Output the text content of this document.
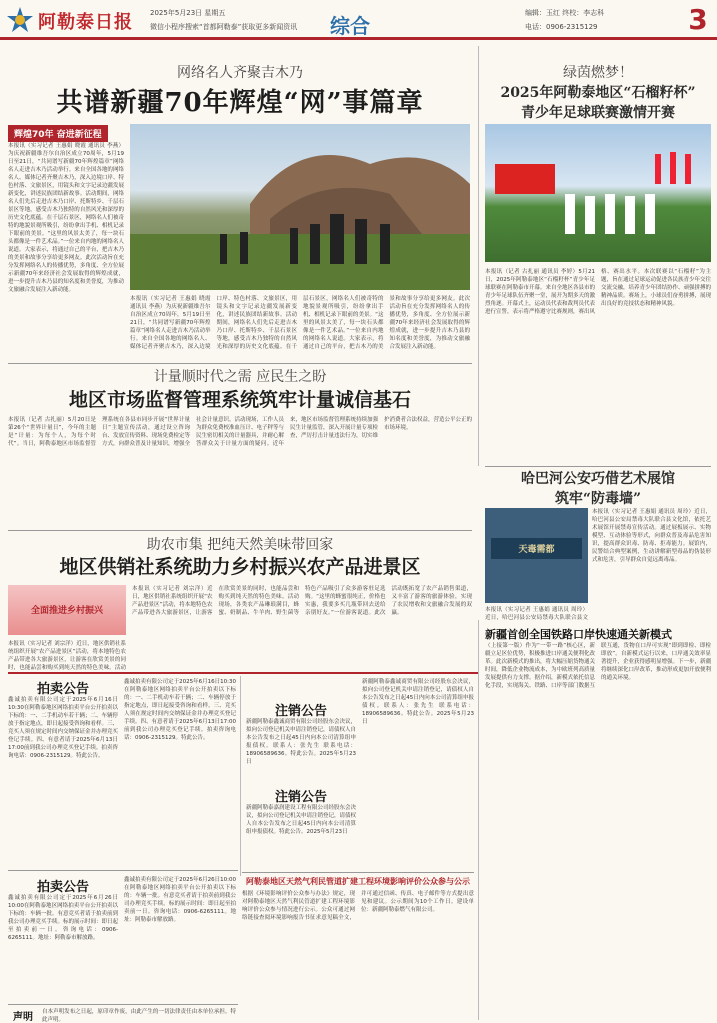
阿勒泰日报 2025年5月23日 星期五
微信小程序搜索“首都阿勒泰”获取更多新闻资讯 综合
编辑：玉红 终校：李志科
电话：0906-2315129	3
网络名人齐聚吉木乃
共谱新疆70年辉煌“网”事篇章
辉煌70年 奋进新征程
本报讯（实习记者 王惠娟 晓霞 通讯员 李燕）为庆祝新疆维吾尔自治区成立70周年，5月19日至21日，“共同谱写新疆70年辉煌篇章”网络名人走进吉木乃活动举行。来自全国各地的网络名人、媒体记者齐聚吉木乃，深入边境口岸、特色村落、文旅景区，用镜头和文字记录边疆发展新变化，讲述民族团结新故事。活动期间，网络名人们先后走进吉木乃口岸、托斯特乡、千层石景区等地，感受吉木乃独特的自然风光和深厚的历史文化底蕴。在千层石景区，网络名人们被奇特的地貌景观所吸引，纷纷拿出手机、相机记录下眼前的美景。“这里的风景太美了，每一块石头都像是一件艺术品。”一位来自内地的网络名人说道。大家表示，将通过自己的平台，把吉木乃的美景和故事分享给更多网友。此次活动旨在充分发挥网络名人的传播优势，多角度、全方位展示新疆70年来经济社会发展取得的辉煌成就，进一步提升吉木乃县的知名度和美誉度，为推动文旅融合发展注入新动能。
本报讯（实习记者 王惠娟 晓霞 通讯员 李燕）为庆祝新疆维吾尔自治区成立70周年，5月19日至21日，“共同谱写新疆70年辉煌篇章”网络名人走进吉木乃活动举行。来自全国各地的网络名人、媒体记者齐聚吉木乃，深入边境口岸、特色村落、文旅景区，用镜头和文字记录边疆发展新变化，讲述民族团结新故事。活动期间，网络名人们先后走进吉木乃口岸、托斯特乡、千层石景区等地，感受吉木乃独特的自然风光和深厚的历史文化底蕴。在千层石景区，网络名人们被奇特的地貌景观所吸引，纷纷拿出手机、相机记录下眼前的美景。“这里的风景太美了，每一块石头都像是一件艺术品。”一位来自内地的网络名人说道。大家表示，将通过自己的平台，把吉木乃的美景和故事分享给更多网友。此次活动旨在充分发挥网络名人的传播优势，多角度、全方位展示新疆70年来经济社会发展取得的辉煌成就，进一步提升吉木乃县的知名度和美誉度，为推动文旅融合发展注入新动能。
绿茵燃梦！
2025年阿勒泰地区“石榴籽杯”
青少年足球联赛激情开赛
本报讯（记者 古扎丽 通讯员 李婷）5月21日，2025年阿勒泰地区“石榴籽杯”青少年足球联赛在阿勒泰市开幕。来自全地区各县市的青少年足球队伍齐聚一堂，展开为期多天的激烈角逐。开幕式上，运动员代表和裁判员代表进行宣誓，表示将严格遵守比赛规则，赛出风格、赛出水平。本次联赛以“石榴籽”为主题，旨在通过足球运动促进各民族青少年交往交流交融，培养青少年团结协作、顽强拼搏的精神品质。赛场上，小球员们奋勇拼搏，展现出良好的竞技状态和精神风貌。
计量顺时代之需 应民生之盼
地区市场监督管理系统筑牢计量诚信基石
本报讯（记者 古扎丽）5月20日是第26个“世界计量日”，今年的主题是“计量：为每个人，为每个时代”。当日，阿勒泰地区市场监督管理系统在各县市同步开展“世界计量日”主题宣传活动，通过设立咨询台、发放宣传资料、现场免费检定等方式，向群众普及计量知识，增强全社会计量意识。活动现场，工作人员为群众免费校准血压计、电子秤等与民生密切相关的计量器具，并耐心解答群众关于计量方面的疑问。近年来，地区市场监督管理系统持续加强民生计量监管，深入开展计量专项检查，严厉打击计量违法行为，切实维护消费者合法权益，营造公平公正的市场环境。
助农市集 把纯天然美味带回家
地区供销社系统助力乡村振兴农产品进景区
全面推进乡村振兴
本报讯（实习记者 刘宗洋）近日，地区供销社系统组织开展“农产品进景区”活动，将本地特色农产品带进各大旅游景区，让游客在欣赏美景的同时，也能品尝和购买到纯天然的特色美味。活动
本报讯（实习记者 刘宗洋）近日，地区供销社系统组织开展“农产品进景区”活动，将本地特色农产品带进各大旅游景区，让游客在欣赏美景的同时，也能品尝和购买到纯天然的特色美味。活动现场，各类农产品琳琅满目，蜂蜜、奶制品、牛羊肉、野生菌等特色产品吸引了众多游客驻足选购。“这里的蜂蜜很纯正，价格也实惠，我要多买几瓶带回去送给亲朋好友。”一位游客说道。此次活动既拓宽了农产品销售渠道，又丰富了游客的旅游体验，实现了农民增收和文旅融合发展的双赢。
哈巴河公安巧借艺术展馆
筑牢“防毒墙”
天毒需都
本报讯（实习记者 王惠娟 通讯员 周玲）近日，哈巴河县公安局禁毒大队联合县文化馆，依托艺术展馆开展禁毒宣传活动。通过展板展示、实物模型、互动体验等形式，向群众普及毒品危害知识，提高群众识毒、防毒、拒毒能力。展馆内，民警结合典型案例，生动讲解新型毒品的伪装形式和危害，引导群众自觉远离毒品。
本报讯（实习记者 王惠娟 通讯员 周玲）近日，哈巴河县公安局禁毒大队联合县文
新疆首创全国铁路口岸快速通关新模式
（上接第一版）作为“一带一路”核心区，新疆立足区位优势，积极推进口岸通关便利化改革。此次新模式的推出，将大幅压缩货物通关时间，降低企业物流成本，为中欧班列高质量发展提供有力支撑。据介绍，新模式依托信息化手段，实现海关、铁路、口岸等部门数据互联互通，货物在口岸可实现“即到即检、即检即放”。自新模式运行以来，口岸通关效率显著提升，企业获得感明显增强。下一步，新疆将继续深化口岸改革，推动形成更加开放便利的通关环境。
拍卖公告
鑫诚拍卖有限公司定于2025年6月16日10:30在阿勒泰地区网络拍卖平台公开拍卖以下标的：一、二手机动车若干辆；二、车辆停放于指定地点，即日起接受咨询和看样。三、竞买人须在规定时间内交纳保证金并办理竞买登记手续。四、有意者请于2025年6月13日17:00前到我公司办理竞买登记手续。拍卖咨询电话：0906-2315129。特此公告。
鑫诚拍卖有限公司定于2025年6月16日10:30在阿勒泰地区网络拍卖平台公开拍卖以下标的：一、二手机动车若干辆；二、车辆停放于指定地点，即日起接受咨询和看样。三、竞买人须在规定时间内交纳保证金并办理竞买登记手续。四、有意者请于2025年6月13日17:00前到我公司办理竞买登记手续。拍卖咨询电话：0906-2315129。特此公告。
拍卖公告
鑫诚拍卖有限公司定于2025年6月26日10:00在阿勒泰地区网络拍卖平台公开拍卖以下标的：车辆一批。有意竞买者请于拍卖前到我公司办理竞买手续。标的展示时间：即日起至拍卖前一日。咨询电话：0906-6265111。地址：阿勒泰市解放路。
鑫诚拍卖有限公司定于2025年6月26日10:00在阿勒泰地区网络拍卖平台公开拍卖以下标的：车辆一批。有意竞买者请于拍卖前到我公司办理竞买手续。标的展示时间：即日起至拍卖前一日。咨询电话：0906-6265111。地址：阿勒泰市解放路。
声明	自本声明发布之日起，原印章作废，由此产生的一切法律责任由本单位承担。特此声明。
注销公告
新疆阿勒泰鑫诚商贸有限公司经股东会决议，拟向公司登记机关申请注销登记，请债权人自本公告发布之日起45日内向本公司清算组申报债权。联系人：张先生 联系电话：18906589636。特此公告。2025年5月23日
注销公告
新疆阿勒泰嘉润建设工程有限公司经股东会决议，拟向公司登记机关申请注销登记，请债权人自本公告发布之日起45日内向本公司清算组申报债权。特此公告。2025年5月23日
新疆阿勒泰鑫诚商贸有限公司经股东会决议，拟向公司登记机关申请注销登记，请债权人自本公告发布之日起45日内向本公司清算组申报债权。联系人：张先生 联系电话：18906589636。特此公告。2025年5月23日
阿勒泰地区天然气利民管道扩建工程环境影响评价公众参与公示
根据《环境影响评价公众参与办法》规定，现对阿勒泰地区天然气利民管道扩建工程环境影响评价公众参与情况进行公示。公众可通过网络链接查阅环境影响报告书征求意见稿全文，并可通过信函、传真、电子邮件等方式提出意见和建议。公示期间为10个工作日。建设单位：新疆阿勒泰燃气有限公司。
